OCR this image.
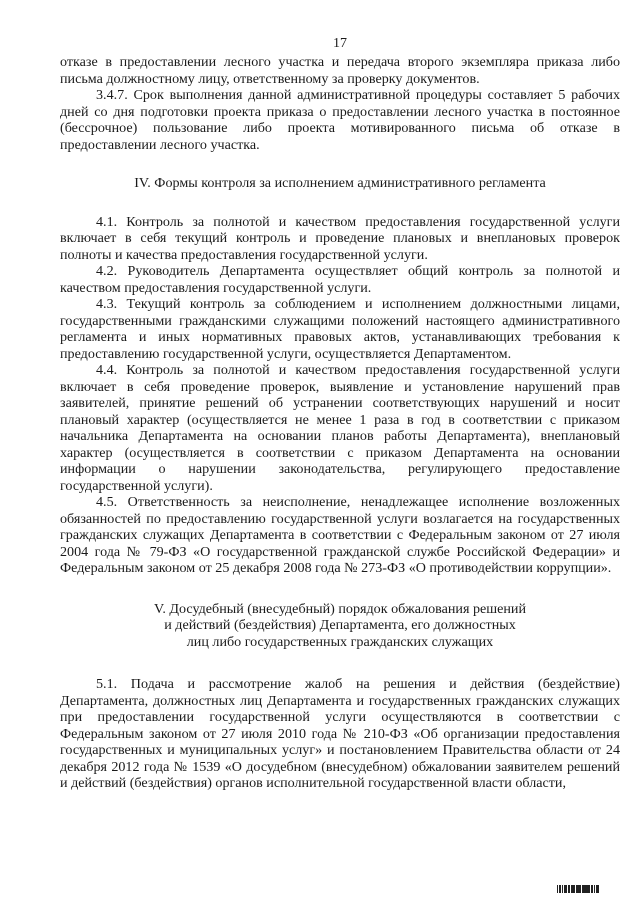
17

отказе в предоставлении лесного участка и передача второго экземпляра приказа либо письма должностному лицу, ответственному за проверку документов.

3.4.7. Срок выполнения данной административной процедуры составляет 5 рабочих дней со дня подготовки проекта приказа о предоставлении лесного участка в постоянное (бессрочное) пользование либо проекта мотивированного письма об отказе в предоставлении лесного участка.

IV. Формы контроля за исполнением административного регламента

4.1. Контроль за полнотой и качеством предоставления государственной услуги включает в себя текущий контроль и проведение плановых и внеплановых проверок полноты и качества предоставления государственной услуги.

4.2. Руководитель Департамента осуществляет общий контроль за полнотой и качеством предоставления государственной услуги.

4.3. Текущий контроль за соблюдением и исполнением должностными лицами, государственными гражданскими служащими положений настоящего административного регламента и иных нормативных правовых актов, устанавливающих требования к предоставлению государственной услуги, осуществляется Департаментом.

4.4. Контроль за полнотой и качеством предоставления государственной услуги включает в себя проведение проверок, выявление и установление нарушений прав заявителей, принятие решений об устранении соответствующих нарушений и носит плановый характер (осуществляется не менее 1 раза в год в соответствии с приказом начальника Департамента на основании планов работы Департамента), внеплановый характер (осуществляется в соответствии с приказом Департамента на основании информации о нарушении законодательства, регулирующего предоставление государственной услуги).

4.5. Ответственность за неисполнение, ненадлежащее исполнение возложенных обязанностей по предоставлению государственной услуги возлагается на государственных гражданских служащих Департамента в соответствии с Федеральным законом от 27 июля 2004 года № 79-ФЗ «О государственной гражданской службе Российской Федерации» и Федеральным законом от 25 декабря 2008 года № 273-ФЗ «О противодействии коррупции».

V. Досудебный (внесудебный) порядок обжалования решений
и действий (бездействия) Департамента, его должностных
лиц либо государственных гражданских служащих

5.1. Подача и рассмотрение жалоб на решения и действия (бездействие) Департамента, должностных лиц Департамента и государственных гражданских служащих при предоставлении государственной услуги осуществляются в соответствии с Федеральным законом от 27 июля 2010 года № 210-ФЗ «Об организации предоставления государственных и муниципальных услуг» и постановлением Правительства области от 24 декабря 2012 года № 1539 «О досудебном (внесудебном) обжаловании заявителем решений и действий (бездействия) органов исполнительной государственной власти области,
